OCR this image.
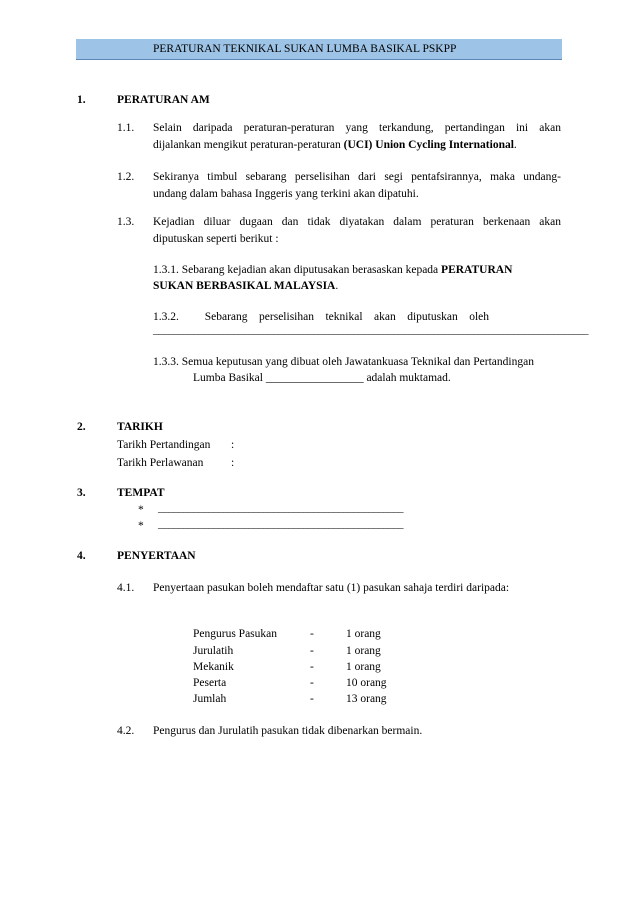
PERATURAN TEKNIKAL SUKAN LUMBA BASIKAL PSKPP
1.	PERATURAN AM
1.1. Selain daripada peraturan-peraturan yang terkandung, pertandingan ini akan
dijalankan mengikut peraturan-peraturan (UCI) Union Cycling International.
1.2. Sekiranya timbul sebarang perselisihan dari segi pentafsirannya, maka undang-
undang dalam bahasa Inggeris yang terkini akan dipatuhi.
1.3. Kejadian diluar dugaan dan tidak diyatakan dalam peraturan berkenaan akan
diputuskan seperti berikut :
1.3.1. Sebarang kejadian akan diputusakan berasaskan kepada PERATURAN
SUKAN BERBASIKAL MALAYSIA.
1.3.2.         Sebarang    perselisihan    teknikal    akan    diputuskan    oleh
_______________________________________________________________________________________
1.3.3. Semua keputusan yang dibuat oleh Jawatankuasa Teknikal dan Pertandingan
Lumba Basikal _________________ adalah muktamad.
2.	TARIKH
Tarikh Pertandingan :
Tarikh Perlawanan :
3.	TEMPAT
* _________________________________________________
* _________________________________________________
4.	PENYERTAAN
4.1. Penyertaan pasukan boleh mendaftar satu (1) pasukan sahaja terdiri daripada:
Pengurus Pasukan	-	1 orang
Jurulatih	-	1 orang
Mekanik	-	1 orang
Peserta	-	10 orang
Jumlah	-	13 orang
4.2. Pengurus dan Jurulatih pasukan tidak dibenarkan bermain.
